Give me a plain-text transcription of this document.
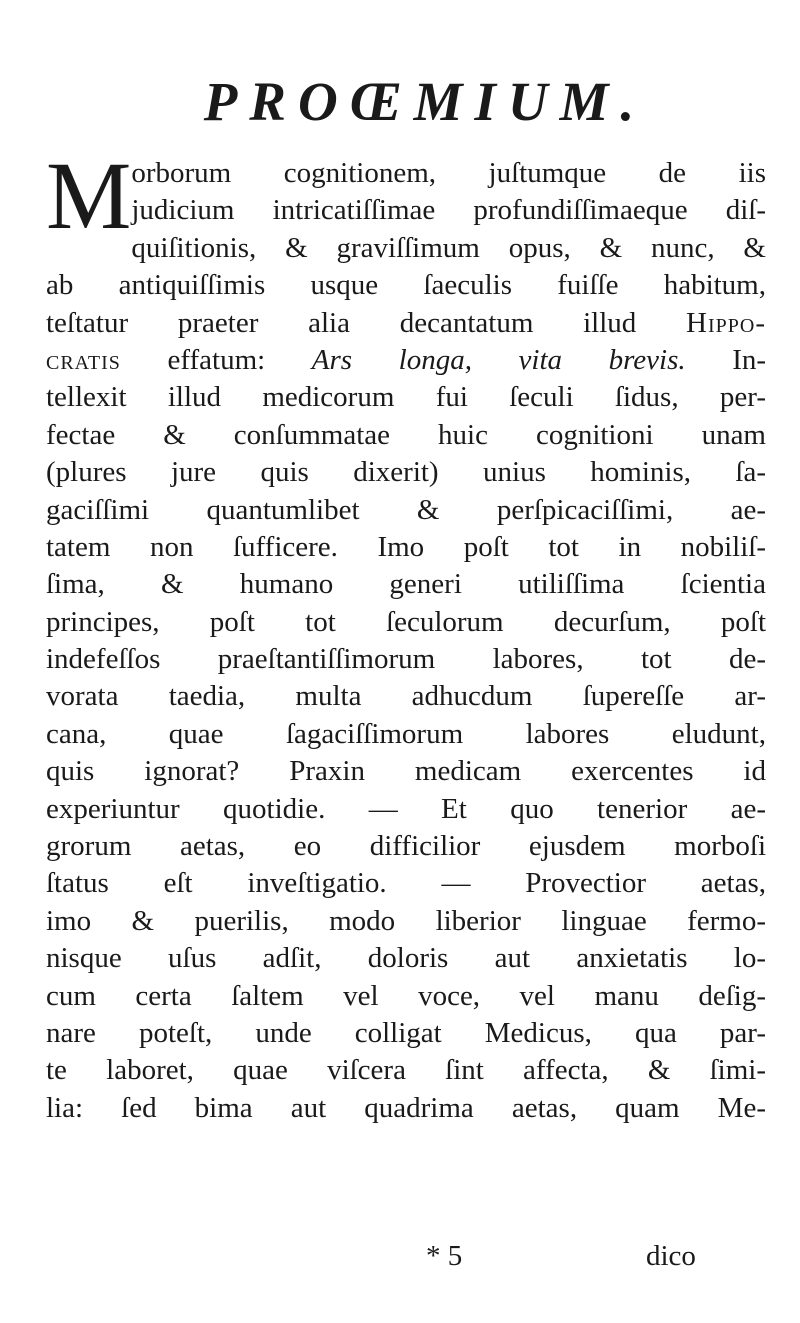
PROŒMIUM.
M orborum cognitionem, juſtumque de iis
judicium intricatiſſimae profundiſſimaeque diſ-
quiſitionis, & graviſſimum opus, & nunc, &
ab antiquiſſimis usque ſaeculis fuiſſe habitum,
teſtatur praeter alia decantatum illud Hippo-
cratis effatum: Ars longa, vita brevis. In-
tellexit illud medicorum fui ſeculi ſidus, per-
fectae & conſummatae huic cognitioni unam
(plures jure quis dixerit) unius hominis, ſa-
gaciſſimi quantumlibet & perſpicaciſſimi, ae-
tatem non ſufficere. Imo poſt tot in nobiliſ-
ſima, & humano generi utiliſſima ſcientia
principes, poſt tot ſeculorum decurſum, poſt
indefeſſos praeſtantiſſimorum labores, tot de-
vorata taedia, multa adhucdum ſupereſſe ar-
cana, quae ſagaciſſimorum labores eludunt,
quis ignorat? Praxin medicam exercentes id
experiuntur quotidie. — Et quo tenerior ae-
grorum aetas, eo difficilior ejusdem morboſi
ſtatus eſt inveſtigatio. — Provectior aetas,
imo & puerilis, modo liberior linguae fermo-
nisque uſus adſit, doloris aut anxietatis lo-
cum certa ſaltem vel voce, vel manu deſig-
nare poteſt, unde colligat Medicus, qua par-
te laboret, quae viſcera ſint affecta, & ſimi-
lia: ſed bima aut quadrima aetas, quam Me-
* 5	dico
